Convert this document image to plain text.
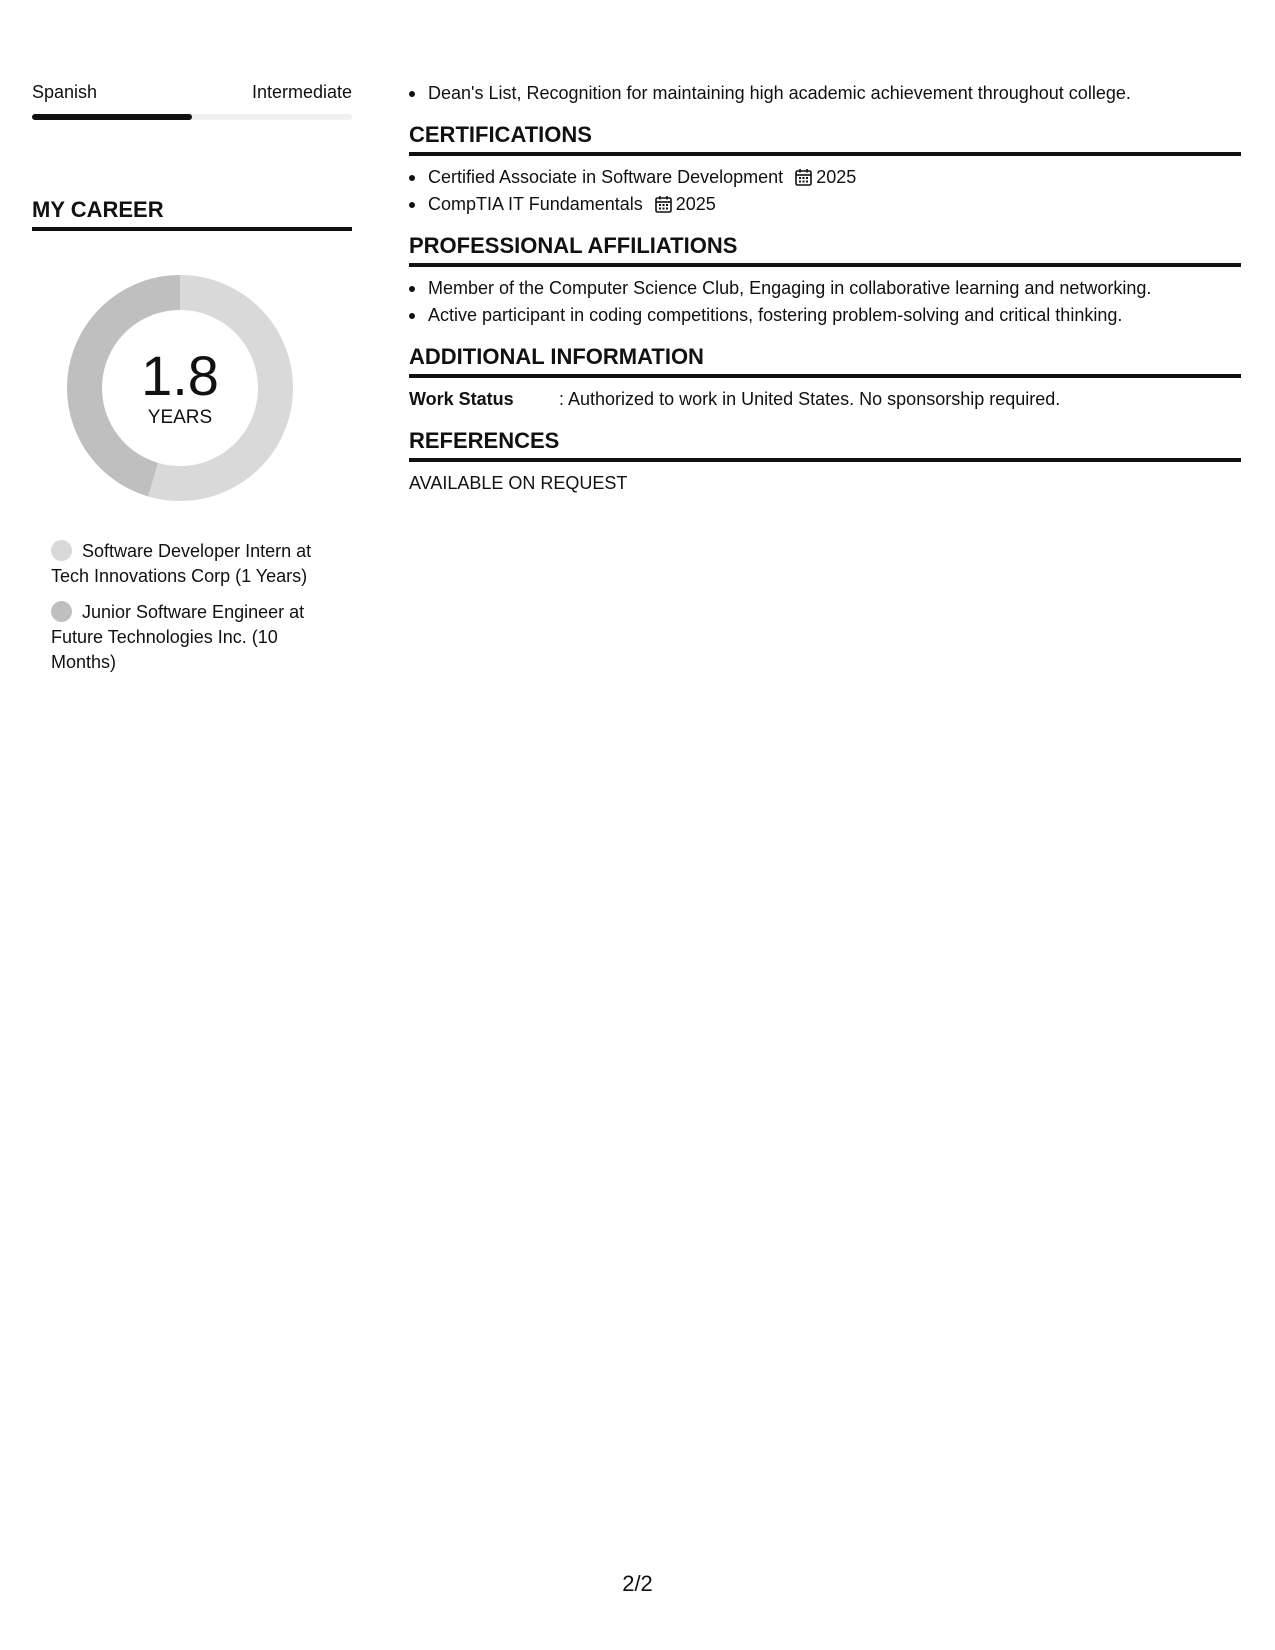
Spanish	Intermediate
MY CAREER
1.8
YEARS
Software Developer Intern at Tech Innovations Corp (1 Years)
Junior Software Engineer at Future Technologies Inc. (10 Months)
Dean's List, Recognition for maintaining high academic achievement throughout college.
CERTIFICATIONS
Certified Associate in Software Development 2025
CompTIA IT Fundamentals 2025
PROFESSIONAL AFFILIATIONS
Member of the Computer Science Club, Engaging in collaborative learning and networking.
Active participant in coding competitions, fostering problem-solving and critical thinking.
ADDITIONAL INFORMATION
Work Status	: Authorized to work in United States. No sponsorship required.
REFERENCES
AVAILABLE ON REQUEST
2/2
